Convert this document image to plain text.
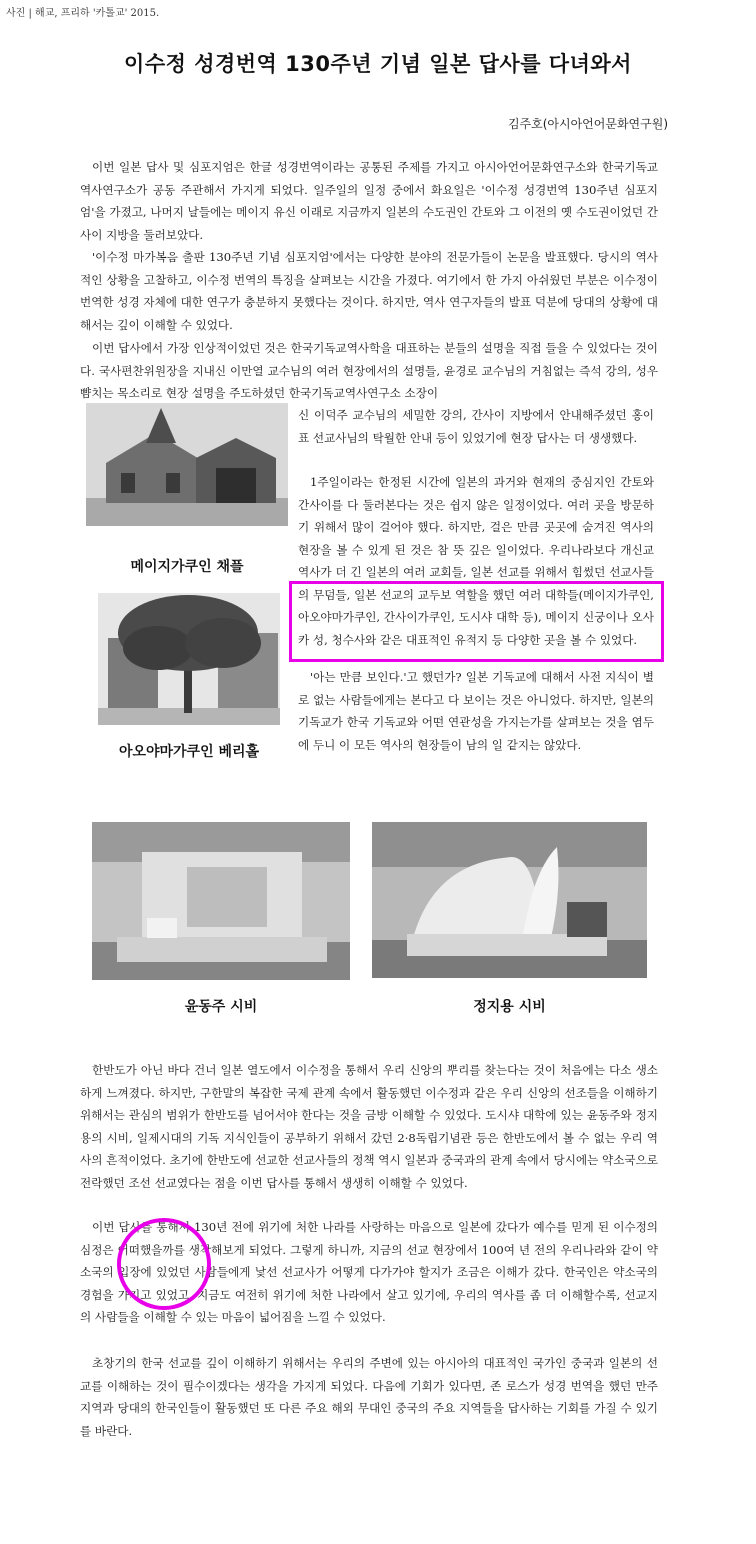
사진 | 해교, 프리하 '카톨교' 2015.
이수정 성경번역 130주년 기념 일본 답사를 다녀와서
김주호(아시아언어문화연구원)

이번 일본 답사 및 심포지엄은 한글 성경번역이라는 공통된 주제를 가지고 아시아언어문화연구소와 한국기독교역사연구소가 공동 주관해서 가지게 되었다. 일주일의 일정 중에서 화요일은 '이수정 성경번역 130주년 심포지엄'을 가졌고, 나머지 날들에는 메이지 유신 이래로 지금까지 일본의 수도권인 간토와 그 이전의 옛 수도권이었던 간사이 지방을 둘러보았다.

'이수정 마가복음 출판 130주년 기념 심포지엄'에서는 다양한 분야의 전문가들이 논문을 발표했다. 당시의 역사적인 상황을 고찰하고, 이수정 번역의 특징을 살펴보는 시간을 가졌다. 여기에서 한 가지 아쉬웠던 부분은 이수정이 번역한 성경 자체에 대한 연구가 충분하지 못했다는 것이다. 하지만, 역사 연구자들의 발표 덕분에 당대의 상황에 대해서는 깊이 이해할 수 있었다.

이번 답사에서 가장 인상적이었던 것은 한국기독교역사학을 대표하는 분들의 설명을 직접 들을 수 있었다는 것이다. 국사편찬위원장을 지내신 이만열 교수님의 여러 현장에서의 설명들, 윤경로 교수님의 거침없는 즉석 강의, 성우 뺨치는 목소리로 현장 설명을 주도하셨던 한국기독교역사연구소 소장이

신 이덕주 교수님의 세밀한 강의, 간사이 지방에서 안내해주셨던 홍이표 선교사님의 탁월한 안내 등이 있었기에 현장 답사는 더 생생했다.

1주일이라는 한정된 시간에 일본의 과거와 현재의 중심지인 간토와 간사이를 다 둘러본다는 것은 쉽지 않은 일정이었다. 여러 곳을 방문하기 위해서 많이 걸어야 했다. 하지만, 걸은 만큼 곳곳에 숨겨진 역사의 현장을 볼 수 있게 된 것은 참 뜻 깊은 일이었다. 우리나라보다 개신교 역사가 더 긴 일본의 여러 교회들, 일본 선교를 위해서 힘썼던 선교사들의 무덤들, 일본 선교의 교두보 역할을 했던 여러 대학들(메이지가쿠인, 아오야마가쿠인, 간사이가쿠인, 도시샤 대학 등), 메이지 신궁이나 오사카 성, 청수사와 같은 대표적인 유적지 등 다양한 곳을 볼 수 있었다.

'아는 만큼 보인다.'고 했던가? 일본 기독교에 대해서 사전 지식이 별로 없는 사람들에게는 본다고 다 보이는 것은 아니었다. 하지만, 일본의 기독교가 한국 기독교와 어떤 연관성을 가지는가를 살펴보는 것을 염두에 두니 이 모든 역사의 현장들이 남의 일 같지는 않았다.

메이지가쿠인 채플
아오야마가쿠인 베리홀
윤동주 시비	정지용 시비

한반도가 아닌 바다 건너 일본 열도에서 이수정을 통해서 우리 신앙의 뿌리를 찾는다는 것이 처음에는 다소 생소하게 느껴졌다. 하지만, 구한말의 복잡한 국제 관계 속에서 활동했던 이수정과 같은 우리 신앙의 선조들을 이해하기 위해서는 관심의 범위가 한반도를 넘어서야 한다는 것을 금방 이해할 수 있었다. 도시샤 대학에 있는 윤동주와 정지용의 시비, 일제시대의 기독 지식인들이 공부하기 위해서 갔던 2·8독립기념관 등은 한반도에서 볼 수 없는 우리 역사의 흔적이었다. 초기에 한반도에 선교한 선교사들의 정책 역시 일본과 중국과의 관계 속에서 당시에는 약소국으로 전락했던 조선 선교였다는 점을 이번 답사를 통해서 생생히 이해할 수 있었다.

이번 답사를 통해서 130년 전에 위기에 처한 나라를 사랑하는 마음으로 일본에 갔다가 예수를 믿게 된 이수정의 심정은 어떠했을까를 생각해보게 되었다. 그렇게 하니까, 지금의 선교 현장에서 100여 년 전의 우리나라와 같이 약소국의 입장에 있었던 사람들에게 낯선 선교사가 어떻게 다가가야 할지가 조금은 이해가 갔다. 한국인은 약소국의 경험을 가지고 있었고, 지금도 여전히 위기에 처한 나라에서 살고 있기에, 우리의 역사를 좀 더 이해할수록, 선교지의 사람들을 이해할 수 있는 마음이 넓어짐을 느낄 수 있었다.

초창기의 한국 선교를 깊이 이해하기 위해서는 우리의 주변에 있는 아시아의 대표적인 국가인 중국과 일본의 선교를 이해하는 것이 필수이겠다는 생각을 가지게 되었다. 다음에 기회가 있다면, 존 로스가 성경 번역을 했던 만주 지역과 당대의 한국인들이 활동했던 또 다른 주요 해외 무대인 중국의 주요 지역들을 답사하는 기회를 가질 수 있기를 바란다.
